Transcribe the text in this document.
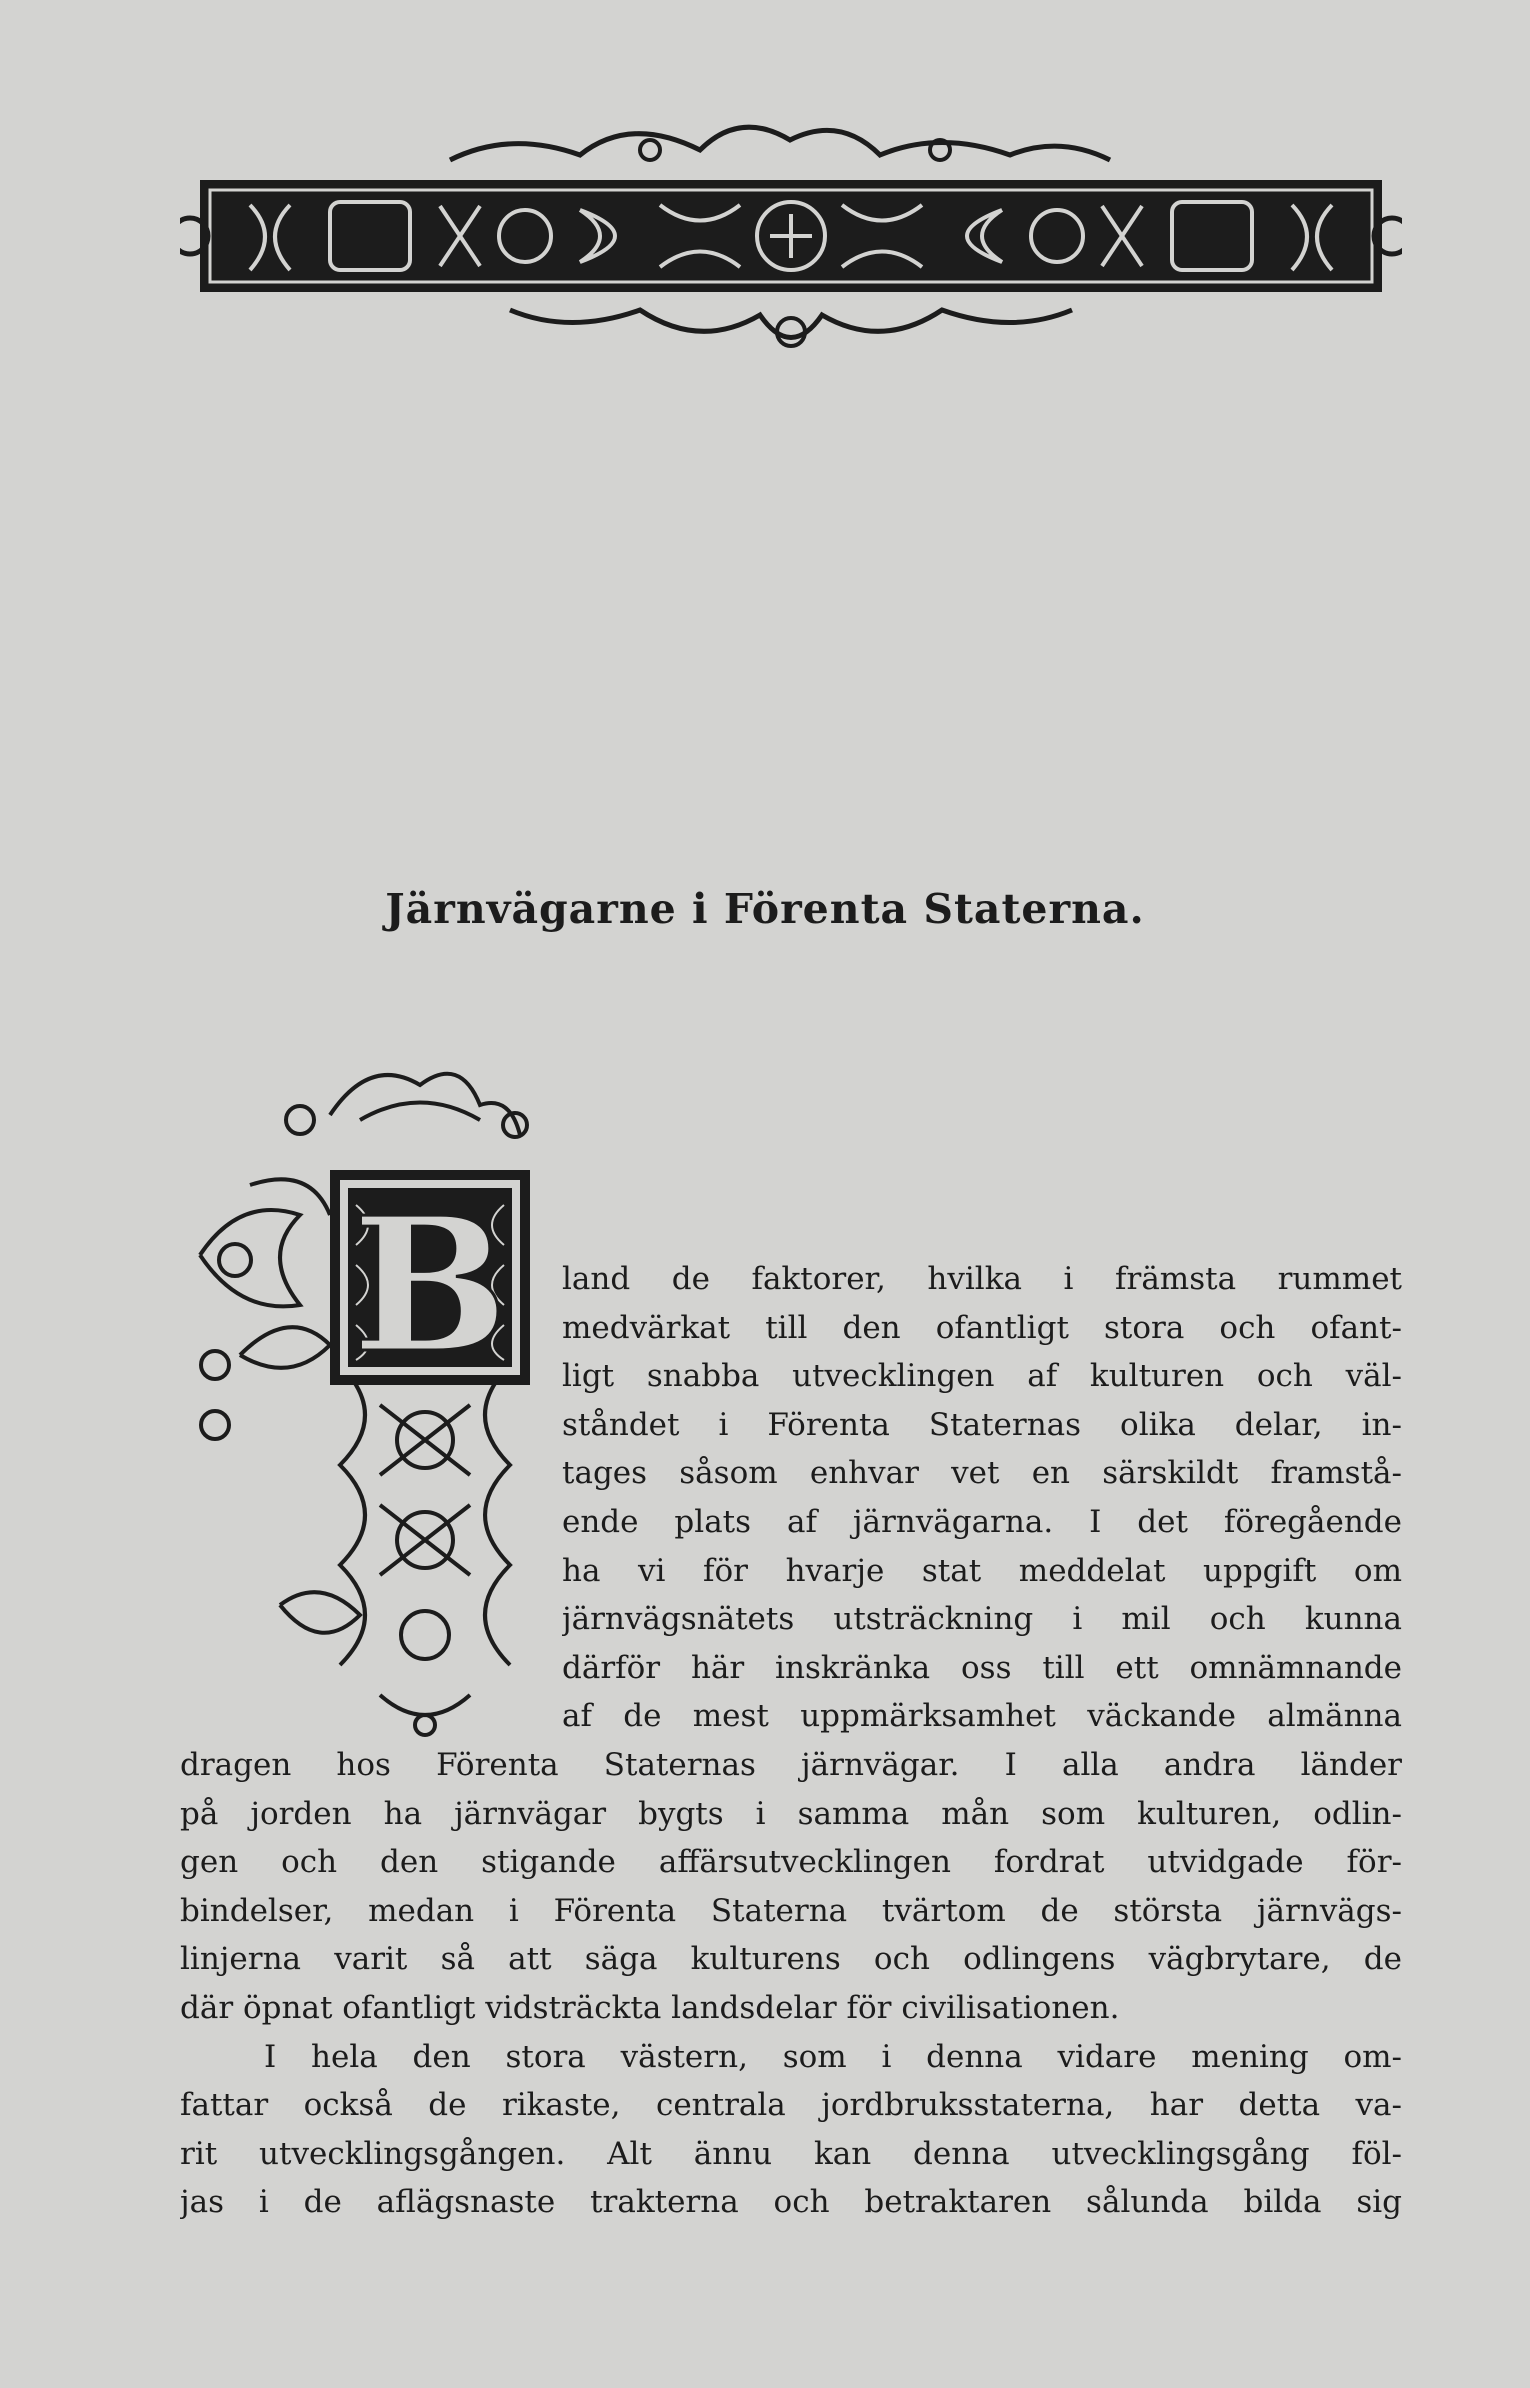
Järnvägarne i Förenta Staterna.
B land de faktorer, hvilka i främsta rummet
medvärkat till den ofantligt stora och ofant-
ligt snabba utvecklingen af kulturen och väl-
ståndet i Förenta Staternas olika delar, in-
tages såsom enhvar vet en särskildt framstå-
ende plats af järnvägarna. I det föregående
ha vi för hvarje stat meddelat uppgift om
järnvägsnätets utsträckning i mil och kunna
därför här inskränka oss till ett omnämnande
af de mest uppmärksamhet väckande almänna
dragen hos Förenta Staternas järnvägar. I alla andra länder
på jorden ha järnvägar bygts i samma mån som kulturen, odlin-
gen och den stigande affärsutvecklingen fordrat utvidgade för-
bindelser, medan i Förenta Staterna tvärtom de största järnvägs-
linjerna varit så att säga kulturens och odlingens vägbrytare, de
där öpnat ofantligt vidsträckta landsdelar för civilisationen.
I hela den stora västern, som i denna vidare mening om-
fattar också de rikaste, centrala jordbruksstaterna, har detta va-
rit utvecklingsgången. Alt ännu kan denna utvecklingsgång föl-
jas i de aflägsnaste trakterna och betraktaren sålunda bilda sig
